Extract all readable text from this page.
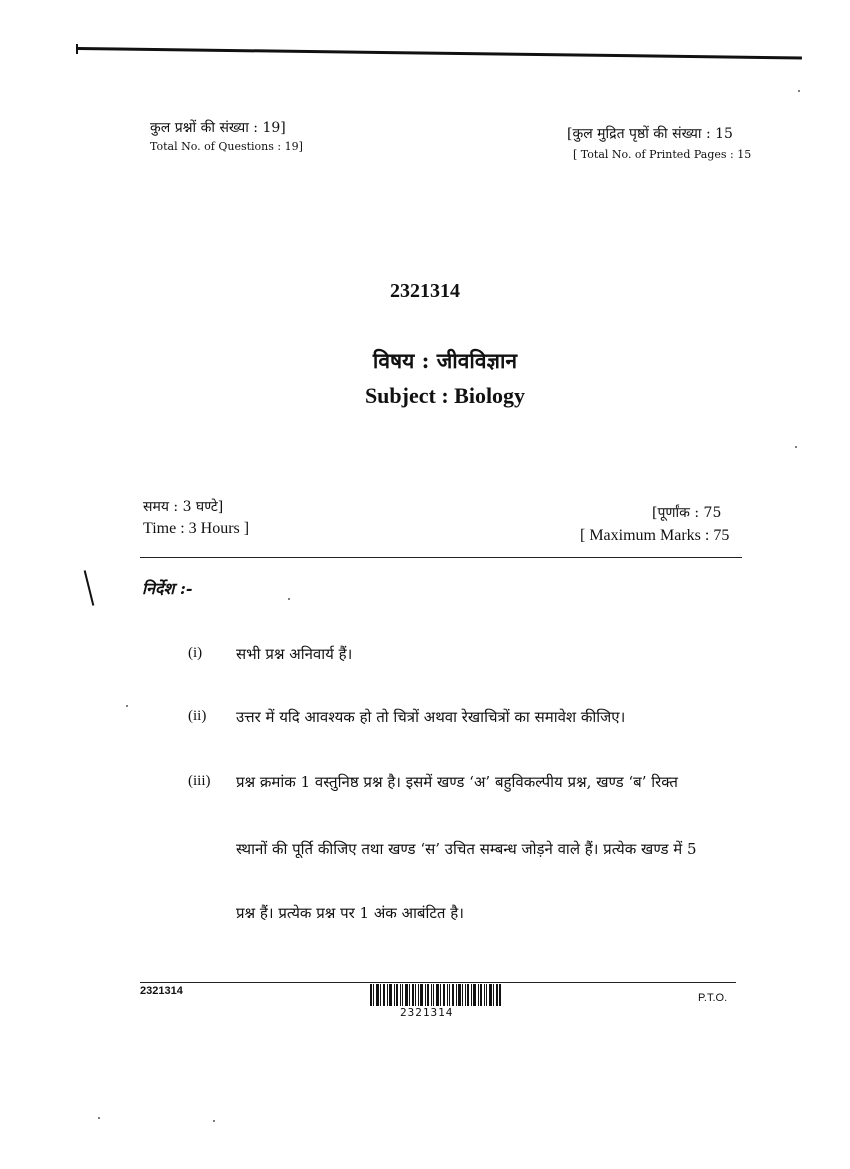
कुल प्रश्नों की संख्या : 19]
Total No. of Questions : 19]
[कुल मुद्रित पृष्ठों की संख्या : 15
[ Total No. of Printed Pages : 15
2321314
विषय : जीवविज्ञान
Subject : Biology
समय : 3 घण्टे]
Time : 3 Hours ]
[पूर्णांक : 75
[ Maximum Marks : 75
निर्देश :-
(i) सभी प्रश्न अनिवार्य हैं।
(ii) उत्तर में यदि आवश्यक हो तो चित्रों अथवा रेखाचित्रों का समावेश कीजिए।
(iii) प्रश्न क्रमांक 1 वस्तुनिष्ठ प्रश्न है। इसमें खण्ड ‘अ’ बहुविकल्पीय प्रश्न, खण्ड ‘ब’ रिक्त
स्थानों की पूर्ति कीजिए तथा खण्ड ‘स’ उचित सम्बन्ध जोड़ने वाले हैं। प्रत्येक खण्ड में 5
प्रश्न हैं। प्रत्येक प्रश्न पर 1 अंक आबंटित है।
2321314
2321314
P.T.O.
